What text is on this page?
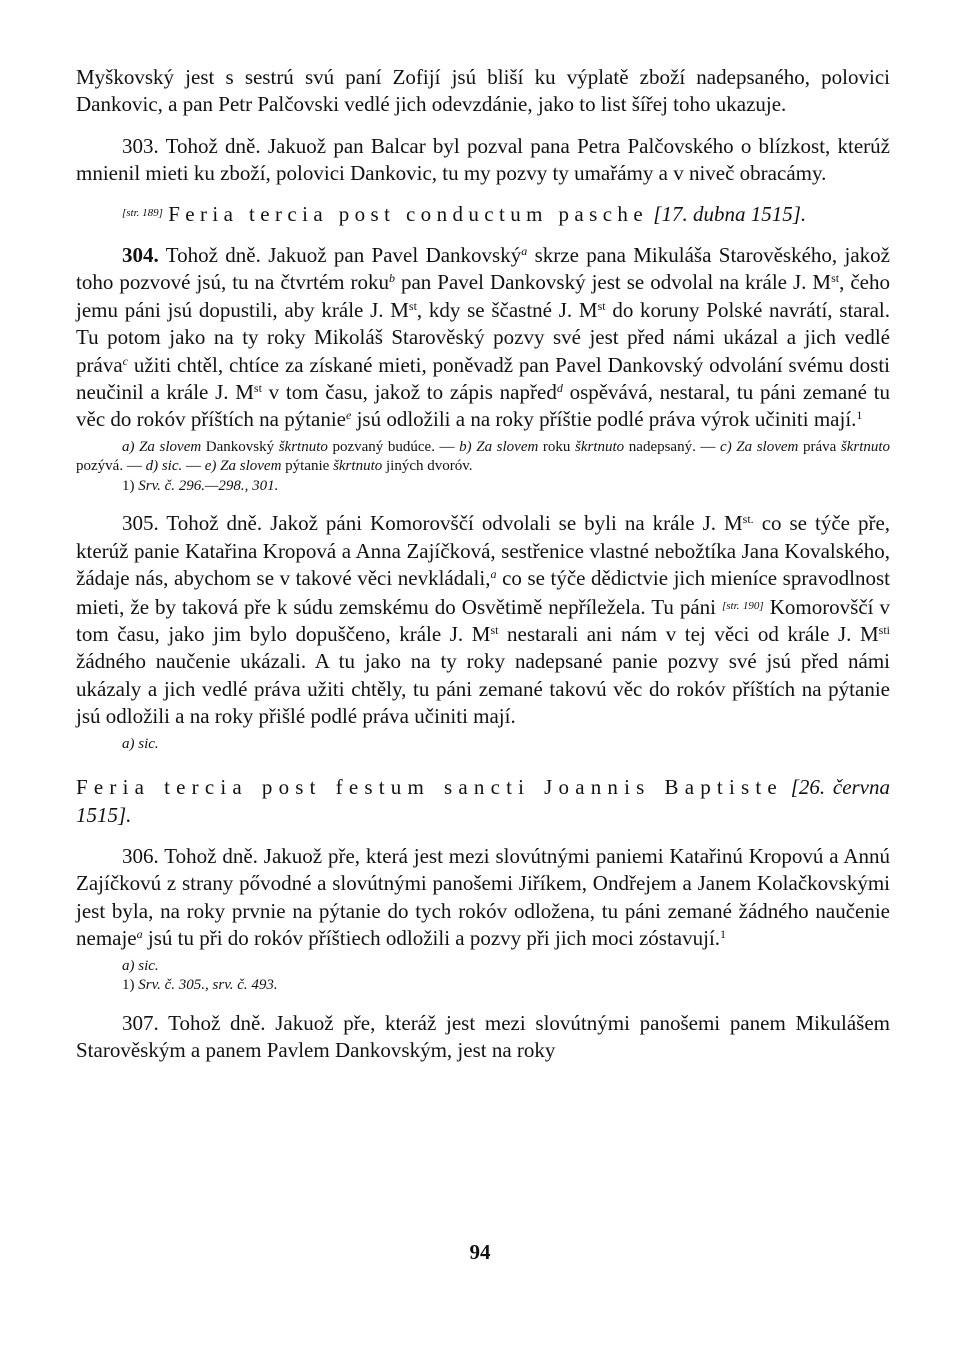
Myškovský jest s sestrú svú paní Zofijí jsú bliší ku výplatě zboží nadepsaného, polovici Dankovic, a pan Petr Palčovski vedlé jich odevzdánie, jako to list šířej toho ukazuje.

303. Tohož dně. Jakuož pan Balcar byl pozval pana Petra Palčovského o blízkost, kterúž mnienil mieti ku zboží, polovici Dankovic, tu my pozvy ty umařámy a v niveč obracámy.

[str. 189] Feria tercia post conductum pasche [17. dubna 1515].

304. Tohož dně. Jakuož pan Pavel Dankovský$^a$ skrze pana Mikuláša Starověského, jakož toho pozvové jsú, tu na čtvrtém roku$^b$ pan Pavel Dankovský jest se odvolal na krále J. Mst, čeho jemu páni jsú dopustili, aby krále J. Mst, kdy se ščastné J. Mst do koruny Polské navrátí, staral. Tu potom jako na ty roky Mikoláš Starověský pozvy své jest před námi ukázal a jich vedlé práva$^c$ užiti chtěl, chtíce za získané mieti, poněvadž pan Pavel Dankovský odvolání svému dosti neučinil a krále J. Mst v tom času, jakož to zápis napřed$^d$ ospěvává, nestaral, tu páni zemané tu věc do rokóv příštích na pýtanie$^e$ jsú odložili a na roky příštie podlé práva výrok učiniti mají.$^1$

a) Za slovem Dankovský škrtnuto pozvaný budúce. — b) Za slovem roku škrtnuto nadepsaný. — c) Za slovem práva škrtnuto pozývá. — d) sic. — e) Za slovem pýtanie škrtnuto jiných dvoróv.

1) Srv. č. 296.—298., 301.

305. Tohož dně. Jakož páni Komorovščí odvolali se byli na krále J. $M^{st.}$ co se týče pře, kterúž panie Katařina Kropová a Anna Zajíčková, sestřenice vlastné nebožtíka Jana Kovalského, žádaje nás, abychom se v takové věci nevkládali,$^a$ co se týče dědictvie jich mieníce spravodlnost mieti, že by taková pře k súdu zemskému do Osvětimě nepříležela. Tu páni [str. 190] Komorovščí v tom času, jako jim bylo dopuščeno, krále J. Mst nestarali ani nám v tej věci od krále J. $M^{sti}$ žádného naučenie ukázali. A tu jako na ty roky nadepsané panie pozvy své jsú před námi ukázaly a jich vedlé práva užiti chtěly, tu páni zemané takovú věc do rokóv příštích na pýtanie jsú odložili a na roky přišlé podlé práva učiniti mají.

a) sic.

Feria tercia post festum sancti Joannis Baptiste [26. června 1515].

306. Tohož dně. Jakuož pře, která jest mezi slovútnými paniemi Katařinú Kropovú a Annú Zajíčkovú z strany pővodné a slovútnými panošemi Jiříkem, Ondřejem a Janem Kolačkovskými jest byla, na roky prvnie na pýtanie do tych rokóv odložena, tu páni zemané žádného naučenie nemaje$^a$ jsú tu při do rokóv příštiech odložili a pozvy při jich moci zóstavují.$^1$

a) sic.

1) Srv. č. 305., srv. č. 493.

307. Tohož dně. Jakuož pře, kteráž jest mezi slovútnými panošemi panem Mikulášem Starověským a panem Pavlem Dankovským, jest na roky

94
